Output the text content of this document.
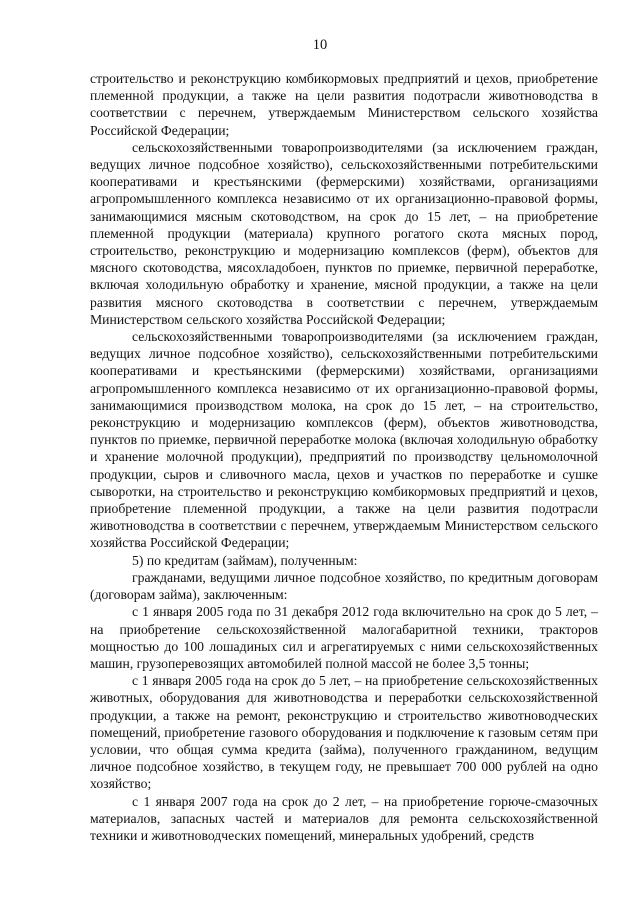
10

строительство и реконструкцию комбикормовых предприятий и цехов, приобретение племенной продукции, а также на цели развития подотрасли животноводства в соответствии с перечнем, утверждаемым Министерством сельского хозяйства Российской Федерации;

сельскохозяйственными товаропроизводителями (за исключением граждан, ведущих личное подсобное хозяйство), сельскохозяйственными потребительскими кооперативами и крестьянскими (фермерскими) хозяйствами, организациями агропромышленного комплекса независимо от их организационно-правовой формы, занимающимися мясным скотоводством, на срок до 15 лет, – на приобретение племенной продукции (материала) крупного рогатого скота мясных пород, строительство, реконструкцию и модернизацию комплексов (ферм), объектов для мясного скотоводства, мясохладобоен, пунктов по приемке, первичной переработке, включая холодильную обработку и хранение, мясной продукции, а также на цели развития мясного скотоводства в соответствии с перечнем, утверждаемым Министерством сельского хозяйства Российской Федерации;

сельскохозяйственными товаропроизводителями (за исключением граждан, ведущих личное подсобное хозяйство), сельскохозяйственными потребительскими кооперативами и крестьянскими (фермерскими) хозяйствами, организациями агропромышленного комплекса независимо от их организационно-правовой формы, занимающимися производством молока, на срок до 15 лет, – на строительство, реконструкцию и модернизацию комплексов (ферм), объектов животноводства, пунктов по приемке, первичной переработке молока (включая холодильную обработку и хранение молочной продукции), предприятий по производству цельномолочной продукции, сыров и сливочного масла, цехов и участков по переработке и сушке сыворотки, на строительство и реконструкцию комбикормовых предприятий и цехов, приобретение племенной продукции, а также на цели развития подотрасли животноводства в соответствии с перечнем, утверждаемым Министерством сельского хозяйства Российской Федерации;

5) по кредитам (займам), полученным:

гражданами, ведущими личное подсобное хозяйство, по кредитным договорам (договорам займа), заключенным:

с 1 января 2005 года по 31 декабря 2012 года включительно на срок до 5 лет, – на приобретение сельскохозяйственной малогабаритной техники, тракторов мощностью до 100 лошадиных сил и агрегатируемых с ними сельскохозяйственных машин, грузоперевозящих автомобилей полной массой не более 3,5 тонны;

с 1 января 2005 года на срок до 5 лет, – на приобретение сельскохозяйственных животных, оборудования для животноводства и переработки сельскохозяйственной продукции, а также на ремонт, реконструкцию и строительство животноводческих помещений, приобретение газового оборудования и подключение к газовым сетям при условии, что общая сумма кредита (займа), полученного гражданином, ведущим личное подсобное хозяйство, в текущем году, не превышает 700 000 рублей на одно хозяйство;

с 1 января 2007 года на срок до 2 лет, – на приобретение горюче-смазочных материалов, запасных частей и материалов для ремонта сельскохозяйственной техники и животноводческих помещений, минеральных удобрений, средств
